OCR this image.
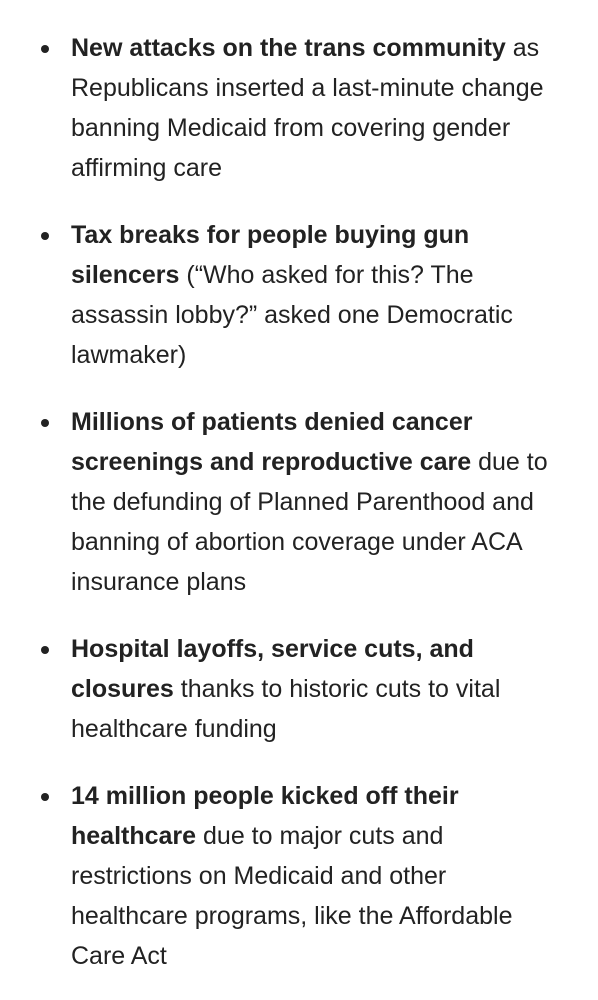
New attacks on the trans community as Republicans inserted a last-minute change banning Medicaid from covering gender affirming care
Tax breaks for people buying gun silencers (“Who asked for this? The assassin lobby?” asked one Democratic lawmaker)
Millions of patients denied cancer screenings and reproductive care due to the defunding of Planned Parenthood and banning of abortion coverage under ACA insurance plans
Hospital layoffs, service cuts, and closures thanks to historic cuts to vital healthcare funding
14 million people kicked off their healthcare due to major cuts and restrictions on Medicaid and other healthcare programs, like the Affordable Care Act
